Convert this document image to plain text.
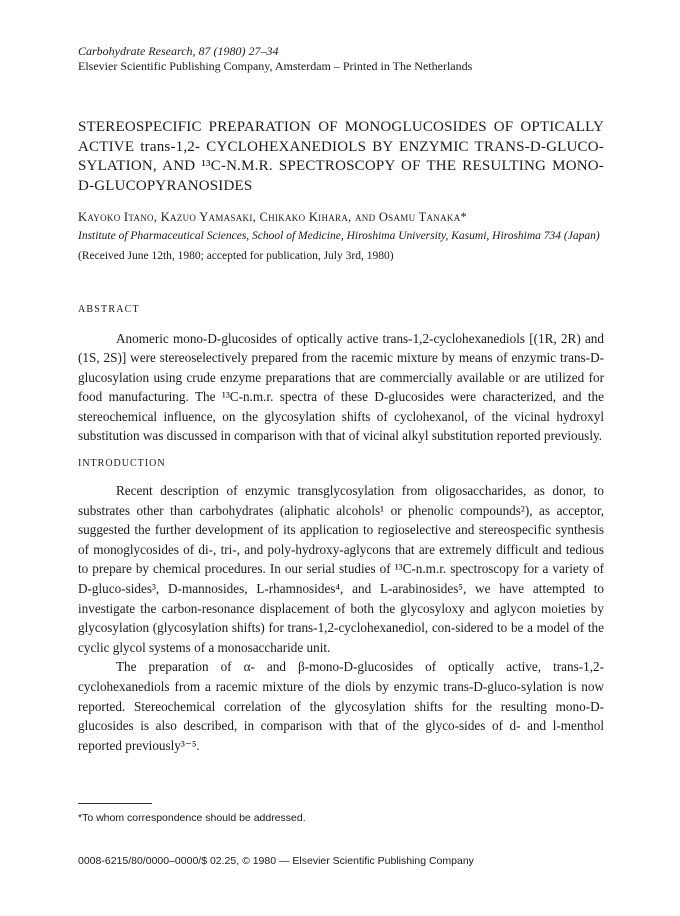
Carbohydrate Research, 87 (1980) 27–34
Elsevier Scientific Publishing Company, Amsterdam – Printed in The Netherlands
STEREOSPECIFIC PREPARATION OF MONOGLUCOSIDES OF OPTICALLY ACTIVE trans-1,2- CYCLOHEXANEDIOLS BY ENZYMIC TRANS-D-GLUCO-SYLATION, AND ¹³C-N.M.R. SPECTROSCOPY OF THE RESULTING MONO-D-GLUCOPYRANOSIDES
Kayoko Itano, Kazuo Yamasaki, Chikako Kihara, and Osamu Tanaka*
Institute of Pharmaceutical Sciences, School of Medicine, Hiroshima University, Kasumi, Hiroshima 734 (Japan)
(Received June 12th, 1980; accepted for publication, July 3rd, 1980)
ABSTRACT

Anomeric mono-D-glucosides of optically active trans-1,2-cyclohexanediols [(1R, 2R) and (1S, 2S)] were stereoselectively prepared from the racemic mixture by means of enzymic trans-D-glucosylation using crude enzyme preparations that are commercially available or are utilized for food manufacturing. The ¹³C-n.m.r. spectra of these D-glucosides were characterized, and the stereochemical influence, on the glycosylation shifts of cyclohexanol, of the vicinal hydroxyl substitution was discussed in comparison with that of vicinal alkyl substitution reported previously.

INTRODUCTION

Recent description of enzymic transglycosylation from oligosaccharides, as donor, to substrates other than carbohydrates (aliphatic alcohols¹ or phenolic compounds²), as acceptor, suggested the further development of its application to regioselective and stereospecific synthesis of monoglycosides of di-, tri-, and poly-hydroxy-aglycons that are extremely difficult and tedious to prepare by chemical procedures. In our serial studies of ¹³C-n.m.r. spectroscopy for a variety of D-gluco-sides³, D-mannosides, L-rhamnosides⁴, and L-arabinosides⁵, we have attempted to investigate the carbon-resonance displacement of both the glycosyloxy and aglycon moieties by glycosylation (glycosylation shifts) for trans-1,2-cyclohexanediol, con-sidered to be a model of the cyclic glycol systems of a monosaccharide unit.

The preparation of α- and β-mono-D-glucosides of optically active, trans-1,2-cyclohexanediols from a racemic mixture of the diols by enzymic trans-D-gluco-sylation is now reported. Stereochemical correlation of the glycosylation shifts for the resulting mono-D-glucosides is also described, in comparison with that of the glyco-sides of d- and l-menthol reported previously³⁻⁵.

*To whom correspondence should be addressed.
0008-6215/80/0000–0000/$ 02.25, © 1980 — Elsevier Scientific Publishing Company
